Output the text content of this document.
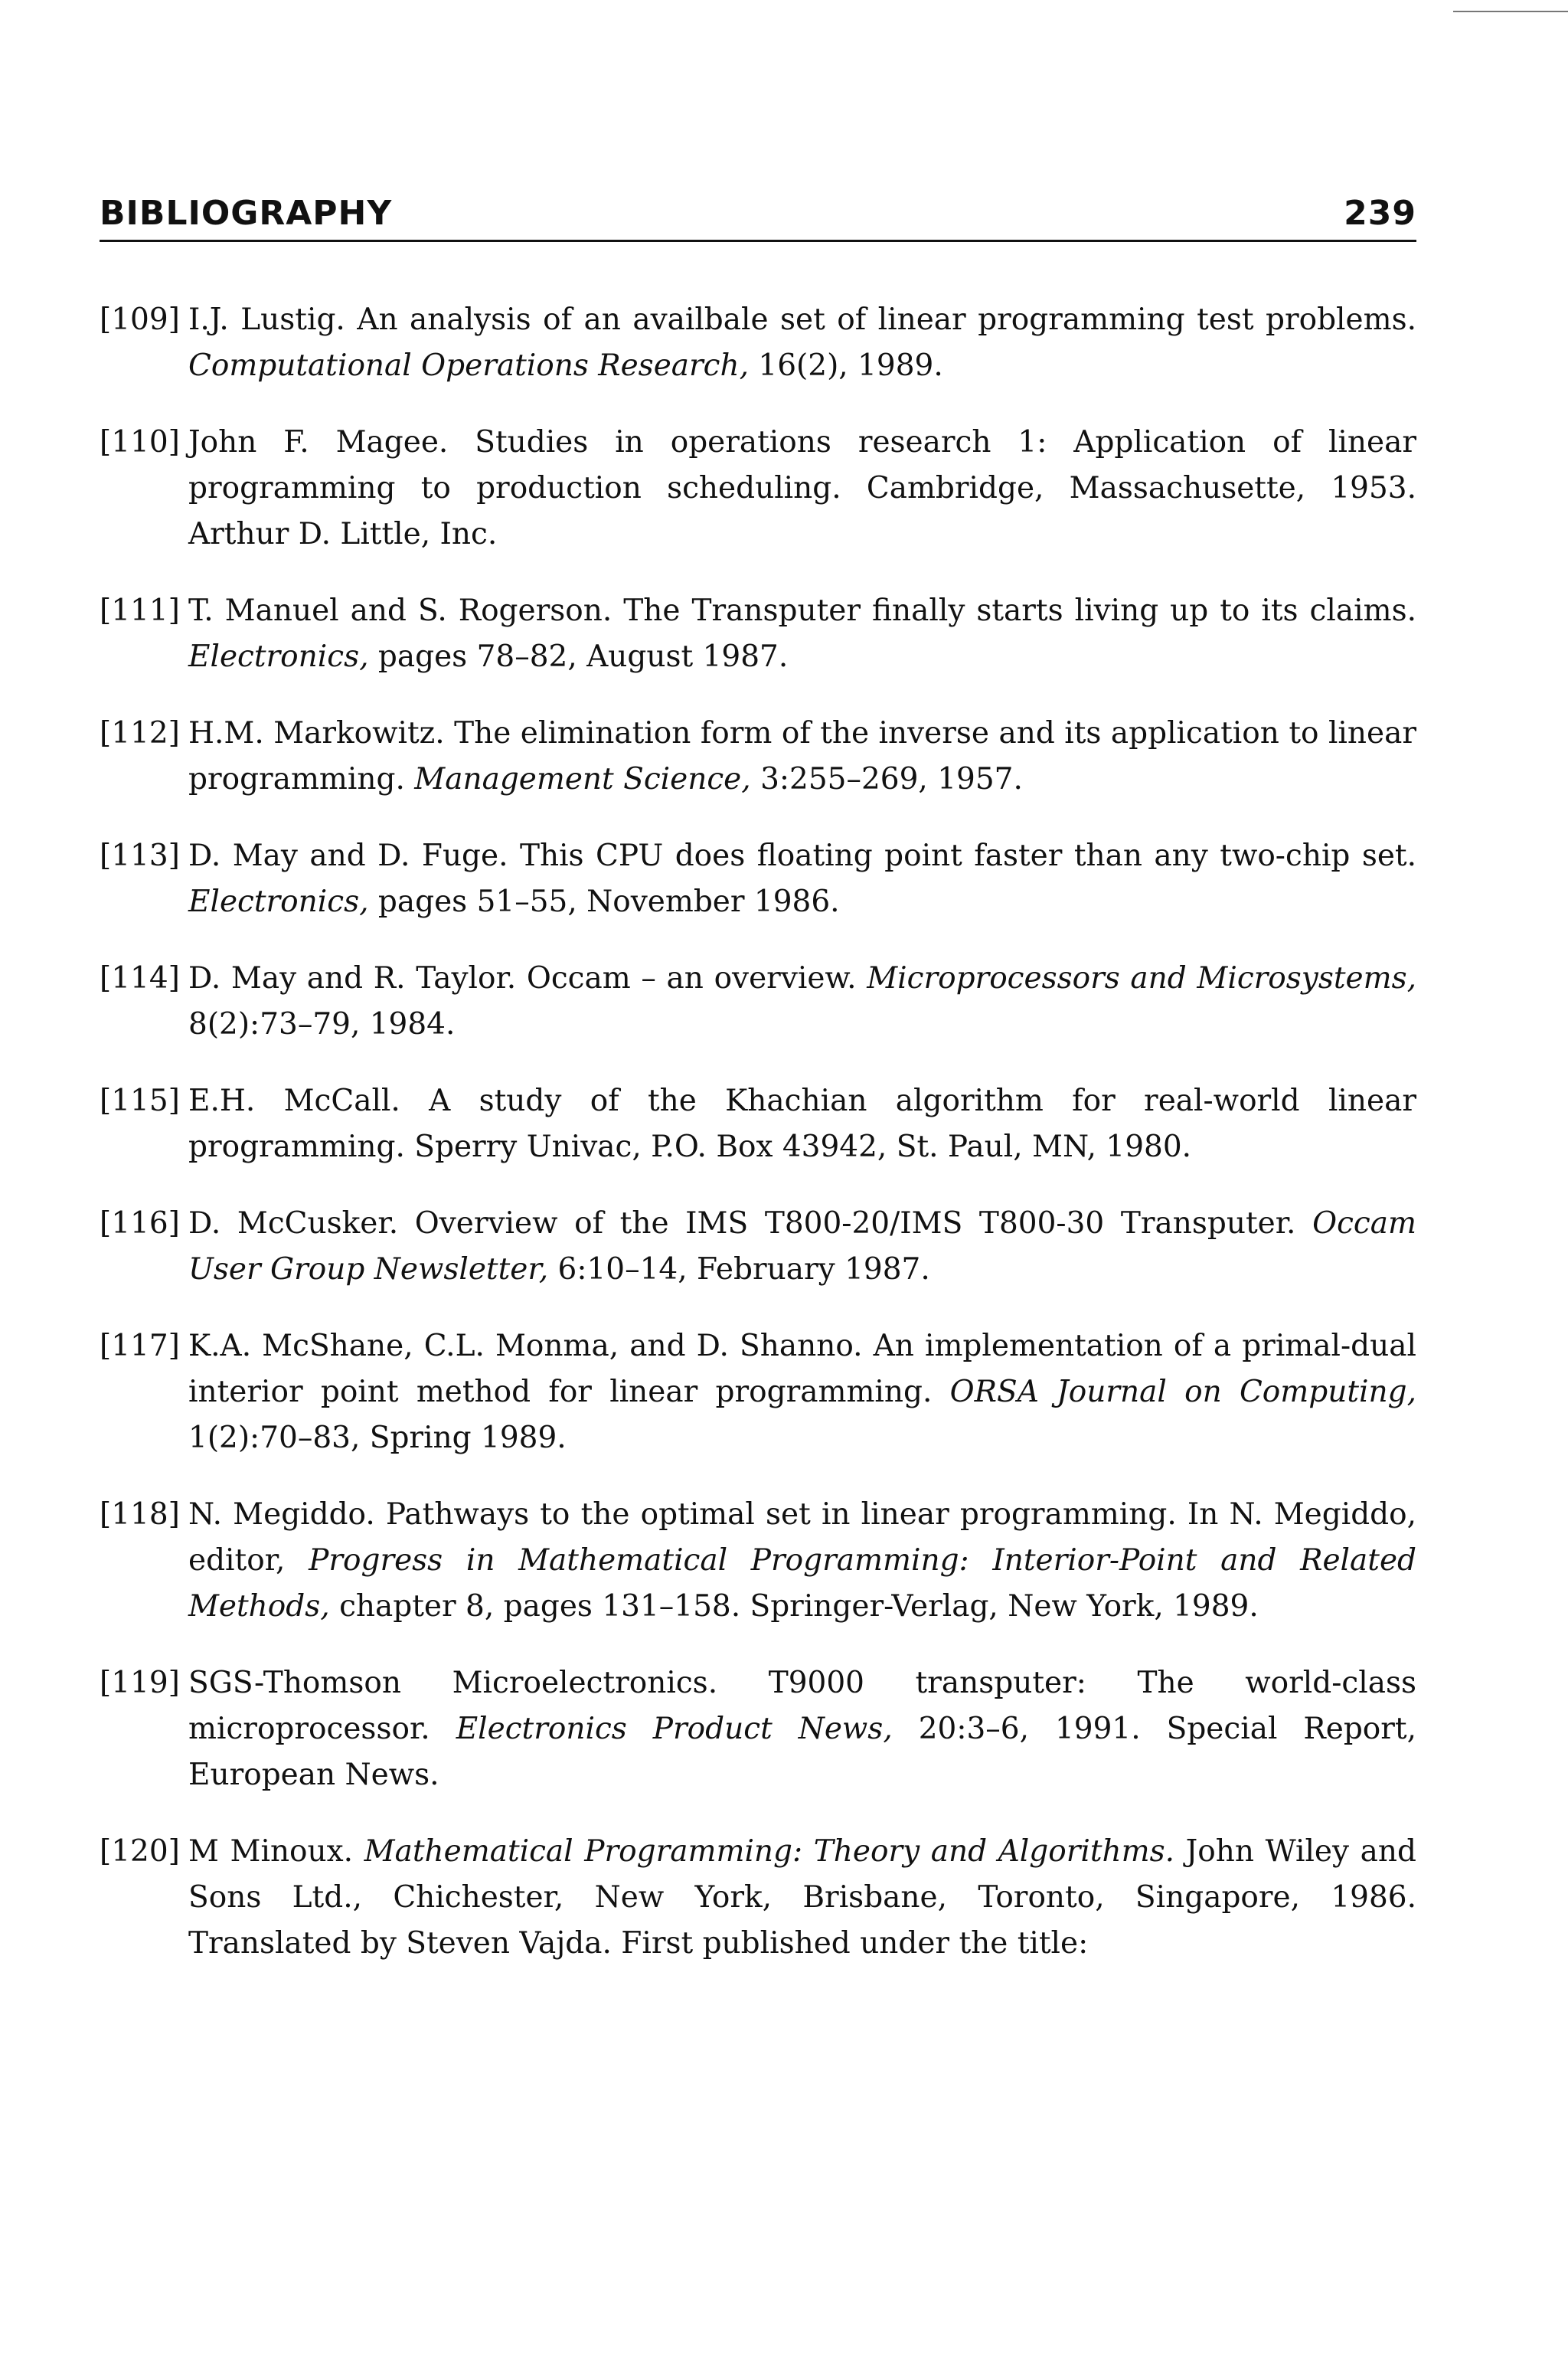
BIBLIOGRAPHY	239
[109] I.J. Lustig. An analysis of an availbale set of linear programming test problems. Computational Operations Research, 16(2), 1989.
[110] John F. Magee. Studies in operations research 1: Application of linear programming to production scheduling. Cambridge, Massachusette, 1953. Arthur D. Little, Inc.
[111] T. Manuel and S. Rogerson. The Transputer finally starts living up to its claims. Electronics, pages 78–82, August 1987.
[112] H.M. Markowitz. The elimination form of the inverse and its application to linear programming. Management Science, 3:255–269, 1957.
[113] D. May and D. Fuge. This CPU does floating point faster than any two-chip set. Electronics, pages 51–55, November 1986.
[114] D. May and R. Taylor. Occam – an overview. Microprocessors and Microsystems, 8(2):73–79, 1984.
[115] E.H. McCall. A study of the Khachian algorithm for real-world linear programming. Sperry Univac, P.O. Box 43942, St. Paul, MN, 1980.
[116] D. McCusker. Overview of the IMS T800-20/IMS T800-30 Transputer. Occam User Group Newsletter, 6:10–14, February 1987.
[117] K.A. McShane, C.L. Monma, and D. Shanno. An implementation of a primal-dual interior point method for linear programming. ORSA Journal on Computing, 1(2):70–83, Spring 1989.
[118] N. Megiddo. Pathways to the optimal set in linear programming. In N. Megiddo, editor, Progress in Mathematical Programming: Interior-Point and Related Methods, chapter 8, pages 131–158. Springer-Verlag, New York, 1989.
[119] SGS-Thomson Microelectronics. T9000 transputer: The world-class microprocessor. Electronics Product News, 20:3–6, 1991. Special Report, European News.
[120] M Minoux. Mathematical Programming: Theory and Algorithms. John Wiley and Sons Ltd., Chichester, New York, Brisbane, Toronto, Singapore, 1986. Translated by Steven Vajda. First published under the title:
